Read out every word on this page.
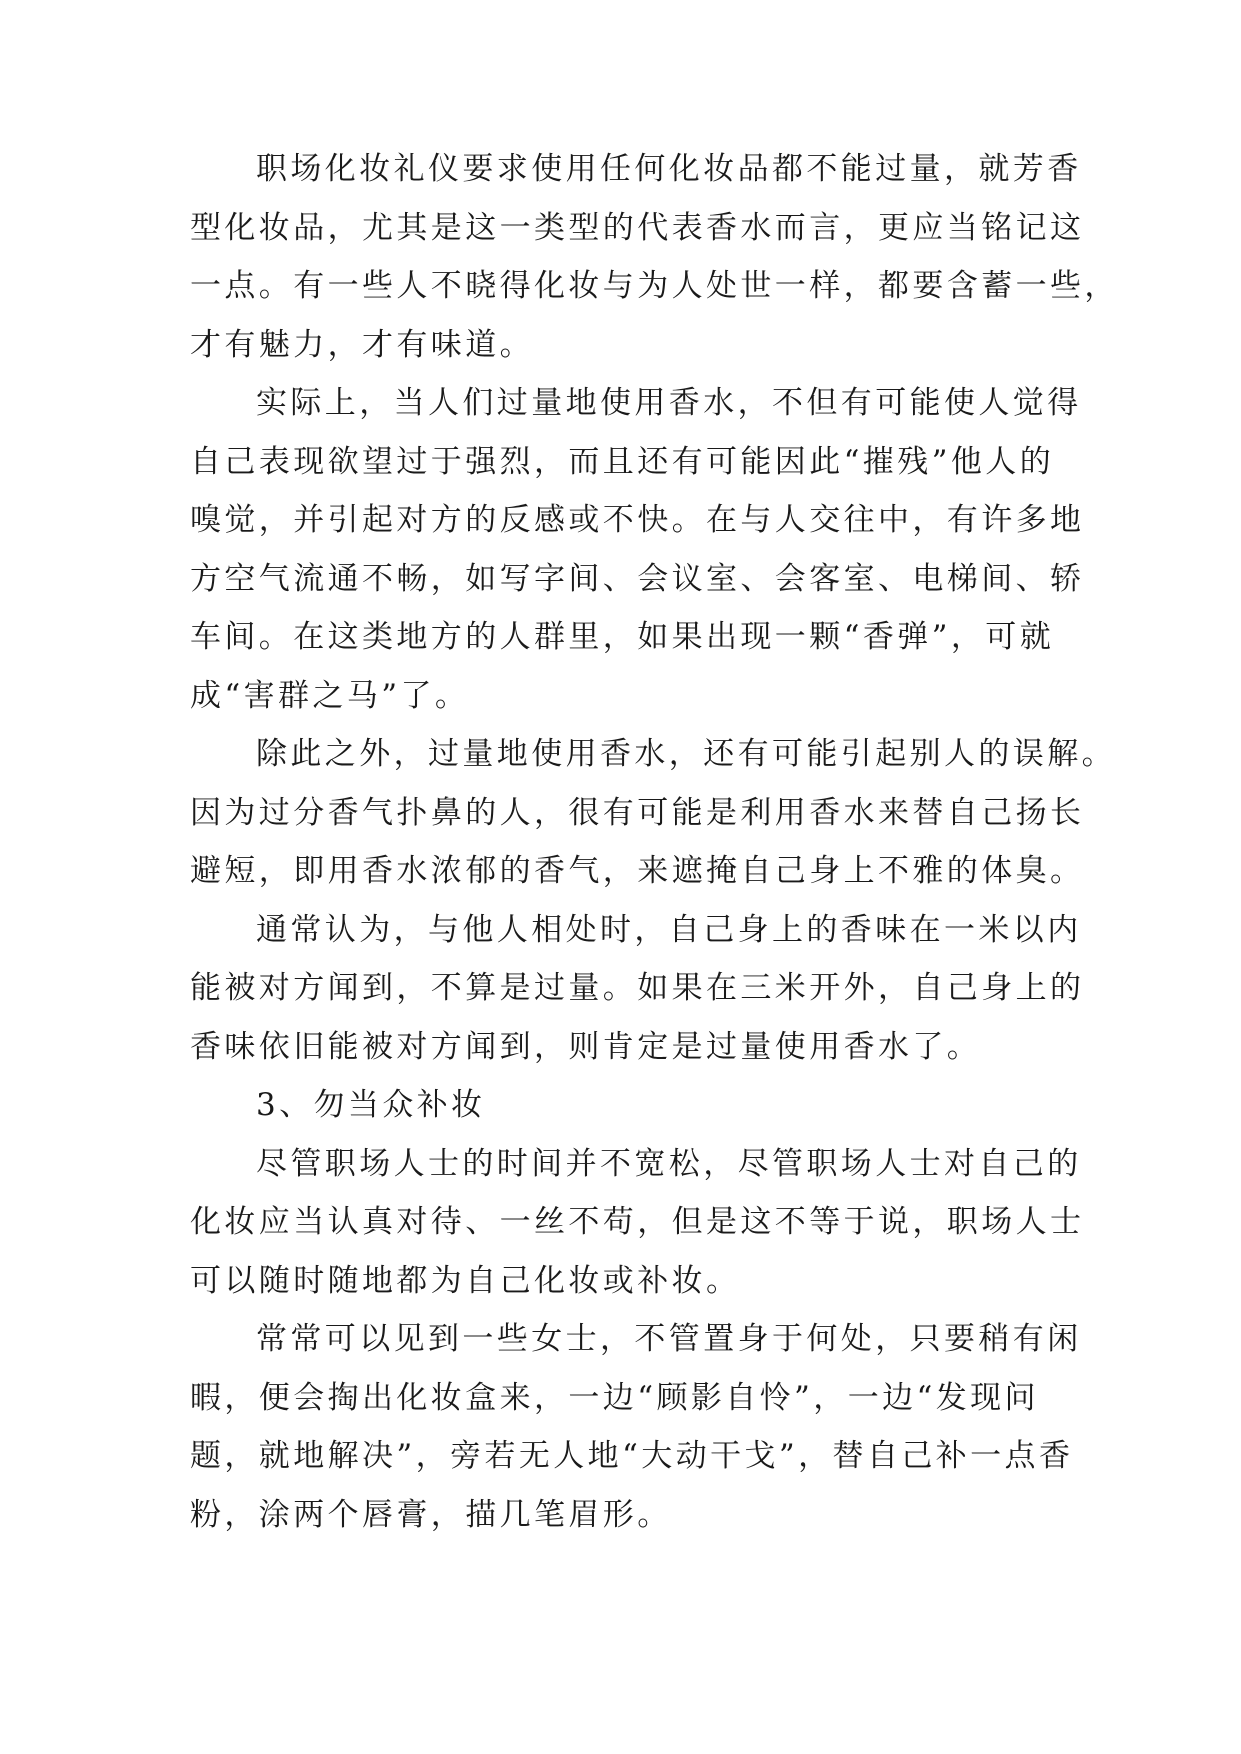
职场化妆礼仪要求使用任何化妆品都不能过量，就芳香
型化妆品，尤其是这一类型的代表香水而言，更应当铭记这
一点。有一些人不晓得化妆与为人处世一样，都要含蓄一些，
才有魅力，才有味道。
实际上，当人们过量地使用香水，不但有可能使人觉得
自己表现欲望过于强烈，而且还有可能因此“摧残”他人的
嗅觉，并引起对方的反感或不快。在与人交往中，有许多地
方空气流通不畅，如写字间、会议室、会客室、电梯间、轿
车间。在这类地方的人群里，如果出现一颗“香弹”，可就
成“害群之马”了。
除此之外，过量地使用香水，还有可能引起别人的误解。
因为过分香气扑鼻的人，很有可能是利用香水来替自己扬长
避短，即用香水浓郁的香气，来遮掩自己身上不雅的体臭。
通常认为，与他人相处时，自己身上的香味在一米以内
能被对方闻到，不算是过量。如果在三米开外，自己身上的
香味依旧能被对方闻到，则肯定是过量使用香水了。
3、勿当众补妆
尽管职场人士的时间并不宽松，尽管职场人士对自己的
化妆应当认真对待、一丝不苟，但是这不等于说，职场人士
可以随时随地都为自己化妆或补妆。
常常可以见到一些女士，不管置身于何处，只要稍有闲
暇，便会掏出化妆盒来，一边“顾影自怜”，一边“发现问
题，就地解决”，旁若无人地“大动干戈”，替自己补一点香
粉，涂两个唇膏，描几笔眉形。
